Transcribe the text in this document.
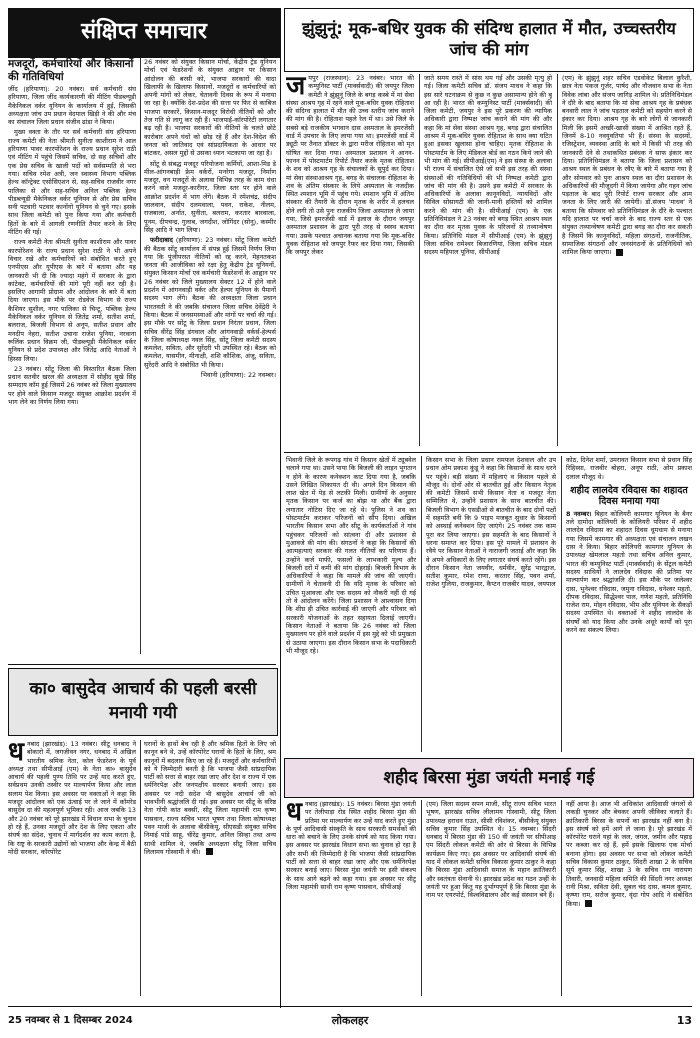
संक्षिप्त समाचार
मजदूरों, कर्मचारियों और किसानों की गतिविधियां

जींद (हरियाणा): 20 नवंबर। सर्व कर्मचारी संघ हरियाणा, जिला जींद कार्यकारणी की मीटिंग पीडब्ल्यूडी मैकेनिकल वर्कर यूनियन के कार्यालय में हुई, जिसकी अध्यक्षता जांच उप प्रधान वेदपाल खिड़ी ने की और मंच का संचालन जिला प्रधान संजीव ढांडा ने किया।

मुख्य वक्ता के तौर पर सर्व कर्मचारी संघ हरियाणा राज्य कमेटी की नेता श्रीमती सुनीता काशीराम ने आल हरियाणा पावर कारपोरेशन के राज्य प्रधान सुरेश राठी एवं मीटिंग में पहुंचे जिसमें सचिव, दो सह सचिवों और एक प्रेस सचिव के खाली पदों को सर्वसम्मति से भरा गया। सचिव रमेश अत्री, जन स्वास्थ्य विभाग पब्लिक हेल्थ कॉन्ट्रेक्ट एसोसिएशन से, सह-सचिव राजवीर नगर पालिका से और सह-सचिव अनिल पब्लिक हेल्थ पीडब्ल्यूडी मैकेनिकल वर्कर यूनियन से और प्रेस सचिव सनी पटवारी पटवार कानोंगो यूनियन से चुने गए। इसके साथ जिला कमेटी को पुनः किया गया और कर्मचारी हितों के बारे में आगली रणनीति तैयार करने के लिए मीटिंग की गई।

राज्य कमेटी नेता श्रीमती सुनीता काशीराम और पावर कारपोरेशन के राज्य प्रधान सुरेश राठी ने भी अपने विचार रखे और कर्मचारियों को संबोधित करते हुए एनपीएस और यूपीएस के बारे में बताया और यह जानकारी भी दी कि ज्यादा महंगे में सरकार के द्वारा कांटेक्ट, कर्मचारियों की मांगे पूरी नहीं कर रही है। इसलिए आगामी प्रोग्राम और आंदोलन के बारे में बता दिया जाएगा। इस मौके पर रोडवेज विभाग से राज्य कैशियर सुशील, नगर पालिका से चिन्टू, पब्लिक हेल्थ मैकेनिकल वर्कर यूनियन से जितेंद्र शर्मा, सतीश शर्मा, बलराज, बिजली विभाग से अनूप, सतीश प्रधान और मनदीप नेहरा, सतीश उचाना राजेश पुनिया, नरवाना रूलिंक प्रधान विक्रम जी, पीडब्ल्यूडी मैकेनिकल वर्कर यूनियन से प्रदेश उपाध्यक्ष और जितेंद्र आदि नेताओं ने हिस्सा लिया।

23 नवंबर। सोंटू जिला की विस्तारित बैठक जिला प्रधान सतवीर खरल की अध्यक्षता में सोहीद सुखे सिंह सम्मदाय कॉम हुई जिसमें 26 नवंबर को जिला मुख्यालय पर होने वाले किसान मजदूर संयुक्त आक्रोश प्रदर्शन में भाग लेने का निर्णय लिया गया।

26 नवंबर को संयुक्त किसान मोर्चा, केंद्रीय ट्रेड यूनियन मोर्चा एवं फेडरेशनों के संयुक्त आह्वान पर किसान आंदोलन की बरसी को, भाजपा सरकारों की वादा खिलाफी के खिलाफ किसानों, मजदूरों व कर्मचारियों को अपनी मांगों को लेकर, चेतावनी दिवस के रूप में मनाया जा रहा है। क्योंकि देश-प्रदेश की सत्ता पर फिर से काबिज भाजपा सरकारें, किसान-मजदूर विरोधी नीतियों को और तेज गति से लागू कर रही हैं। भाजपाई-कॉरपोरेटी लगातार बढ़ रही है। भाजपा सरकारों की नीतियों के चलते छोटे कारोबार अपने घंधों को छोड़ रहे हैं और देश-विदेश की जनता को जातिवाद एवं सांप्रदायिकता के आधार पर बांटकर, असल मुद्दों से उसका ध्यान भटकाया जा रहा है।

सोंटू से संबद्ध मजदूर परियोजना कर्मियों, आशा-मिड डे मील-आंगनबाड़ी फ्रेम वर्करों, मनरेगा मजदूर, निर्माण मजदूर, वन मजदूरों के अलावा विभिन्न तरह के काम धंधा करने वाले मजदूर-कारीगर, जिला स्तर पर होने वाले आक्रोश प्रदर्शन में भाग लेंगे। बैठक में रमेशचंद्र, संदीप जालवान, संदीप दलमवाला, पवन, राकेश, नीलम, राजबाला, अर्नात, सुनीता, बलराम, करतार बारवाला, पूनम, दीपचन्द्र, गुलाब, जगदीश, जोगिंदर (सोनू), कस्मीर सिंह आदि ने भाग लिया।

फरीदाबाद (हरियाणा): 23 नवंबर। सोंटू जिला कमेटी की बैठक सोंटू कार्यालय में संपन्न हुई जिसमें निर्णय लिया गया कि पूंजीपरस्त नीतियों को रद्द करने, मेहनतकश जनता की आजीविका को रक्षा हेतु केंद्रीय ट्रेड यूनियनों, संयुक्त किसान मोर्चा एवं कर्मचारी फेडरेशनों के आह्वान पर 26 नवंबर को जिले मुख्यालय सेक्टर 12 में होने वाले प्रदर्शन में आंगनवाड़ी वर्कर और हेल्पर यूनियन के पैमानों सदस्य भाग लेंगे। बैठक की अध्यक्षता जिला प्रधान भारतवती ने की जबकि संचालन जिला सचिव देवेंद्रेरी ने किया। बैठक में जनसमस्याओं और मांगों पर चर्चा की गई। इस मौके पर सोंटू के जिला प्रधान निरंतर प्रधान, जिला सचिव वीरेंद्र सिंह डंगवाल और आंगनवाड़ी वर्कर्स-हेल्पर्स के जिला कोषाध्यक्ष नवल सिंह, सोंटू जिला कमेटी सदस्य कमलेश, सविता, और सुरेंदरी भी उपस्थित रहे। बैठक को कमलेश, यासमीन, मीनाक्षी, शशि कौशिक, अंजू, सविता, सुरेंदरी आदि ने संबोधित भी किया।

भिवानी (हरियाणा): 22 नवम्बर।

झुंझुनूं: मूक-बधिर युवक की संदिग्ध हालात में मौत, उच्चस्तरीय जांच की मांग
ज यपुर (राजस्थान): 23 नवंबर। भारत की कम्युनिस्ट पार्टी (मार्क्सवादी) की जयपुर जिला कमेटी ने झुंझुनूं जिले के बगड़ कस्बे में मां सेवा संस्था आश्रय गृह में रहने वाले मूक-बधिर युवक रोहिताश की संदिग्ध हालात में मौत की उच्च स्तरीय जांच कराने की मांग की है। रोहिताश पहले रेल में था। उसे जिले के सबसे बड़े राजकीय भगवान दास अस्पताल के इमरजेंसी वार्ड में उपचार के लिए लाया गया था। इमरजेंसी वार्ड में ड्यूटी पर तैनात डॉक्टर के द्वारा मरीज रोहिताश को मृत घोषित कर दिया गया। अस्पताल प्रशासन ने आनन-फानन में पोस्टमार्टम रिपोर्ट तैयार करके मृतक रोहिताश के शव को आश्रय गृह के संचालकों के सुपुर्द कर दिया। मां सेवा संस्थाआश्रय गृह, बगड़ के संचालक रोहिताश के शव के अंतिम संस्कार के लिये अस्पताल के नजदीक स्थित श्मशान भूमि में पहुंच गये। श्मशान भूमि में अंतिम संस्कार की तैयारी के दौरान मृतक के शरीर में हलचल होने लगी तो उसे पुनः राजकीय जिला अस्पताल ले जाया गया, जिसे इमरजेंसी वार्ड में इलाज के दौरान जयपुर अस्पताल प्रशासन के द्वारा पूरी तरह से स्वस्थ बताया गया। उसके पश्चात अचानक बताया गया कि मूक-बधिर युवक रोहिताश को जयपुर रैफर कर दिया गया, जिसकी कि जयपुर लेकर
जाते समय रास्ते में सांस थम गई और उसकी मृत्यु हो गई। जिला कमेटी सचिव डॉ. संजय माधव ने कहा कि इस सारे घटनाक्रम से कुछ न कुछ असामान्य होने की बू आ रही है। भारत की कम्युनिस्ट पार्टी (मार्क्सवादी) की जिला कमेटी, जयपुर ने इस पूरे प्रकरण की न्यायिक अधिकारी द्वारा निष्पक्ष जांच कराने की मांग की और कहा कि मां सेवा संस्था आश्रय गृह, बगड़ द्वारा संचालित आश्रम में मूक-बधिर युवक रोहिताश के साथ क्या घटित हुआ इसका खुलासा होना चाहिए। मृतक रोहिताश के पोस्टमार्टम के लिए मेडिकल बोर्ड का गठन किये जाने की भी मांग की गई। सीपीआई(एम) ने इस संस्था के अलावा भी राज्य में संचालित ऐसे जो सभी इस तरह की संस्था संस्थाओं की गतिविधियों की भी निष्पक्ष कमेटी द्वारा जांच की मांग की है। उसने इस कमेटी में सरकार के अधिकारियों के अलावा कानूनविदों, न्यायविदों और सिविल सोसायटी की जानी-मानी हस्तियों को शामिल करने की मांग की है। सीपीआई (एम) के एक प्रतिनिधिमंडल ने 23 नवंबर को बगड़ स्थित आश्रय स्थल का दौरा कर मृतक युवक के परिजनों से तथ्यान्वेषण किया। प्रतिनिधि मंडल में सीपीआई (एम) के झुंझुनूं जिला सचिव रामेश्वर बिजारणियां, जिला सचिव मंडल सदस्य महिपाल पूनिया, सीपीआई
(एम) के झुंझुनूं शहर सचिव एडवोकेट बिलाल कुरैशी, छात्र नेता पंकज गुर्जर, पार्षद और नौजवान सभा के नेता विवेक लांबा और संजय जागिड़ शामिल थे। प्रतिनिधिमंडल ने दौरे के बाद बताया कि मां सेवा आश्रय गृह के प्रबंधक बनवारी लाल ने जांच पड़ताल कमेटी को सहयोग करने से इंकार कर दिया। आश्रय गृह के बारे लोगों से जानकारी मिली कि इसमें अच्छी-खासी संख्या में आश्रित रहते हैं, जिनमें 8-10 नवयुवतियां भी हैं। संस्था के सदस्यों, रजिस्ट्रेशन, व्यवस्था आदि के बारे में किसी भी तरह की जानकारी देने से तथाकथित प्रबंधक ने साफ इंकार कर दिया। प्रतिनिधिमंडल ने बताया कि जिला प्रशासन को आश्रय स्थल के प्रबंधन के रवैए के बारे में बताया गया है और सोमवार को पुनः आश्रय स्थल का दौरा प्रशासन के अधिकारियों की मौजूदगी में किया जायेगा और गहन जांच पड़ताल के बाद पूरी रिपोर्ट राज्य सरकार और आम जनता के लिए जारी की जायेगी। डॉ.संजय 'माधव' ने बताया कि सोमवार को प्रतिनिधिमंडल के दौरे के पश्चात यदि हालात पर चर्चा करने के बाद राज्य स्तर से एक संयुक्त तथ्यान्वेषण कमेटी द्वारा बगड़ का दौरा कर सकती है जिसमें कि कानूनविदों, महिला संगठनों, राजनीतिक, सामाजिक संगठनों और जनसंगठनों के प्रतिनिधियों को शामिल किया जाएगा।
भिवानी जिले के रूपगढ़ गांव में किसान खेतों में ट्यूबवेल चलाने गया था। उसने पाया कि बिजली की लाइन भुगतान न होने के कारण कनेक्शन काट दिया गया है, जबकि उसने लिखित शिकायत दी थी। अगले दिन किसान की लाश खेत में पेड़ से लटकी मिली। ग्रामीणों के अनुसार मृतक किसान पर कर्ज का बोझ था और बैंक द्वारा लगातार नोटिस दिए जा रहे थे। पुलिस ने शव का पोस्टमार्टम कराकर परिजनों को सौंप दिया। अखिल भारतीय किसान सभा और सीटू के कार्यकर्ताओं ने गांव पहुंचकर परिजनों को सांत्वना दी और प्रशासन से मुआवजे की मांग की। संगठनों ने कहा कि किसानों की आत्महत्याएं सरकार की गलत नीतियों का परिणाम हैं। उन्होंने कर्ज माफी, फसलों के लाभकारी मूल्य और बिजली दरों में कमी की मांग दोहराई। बिजली विभाग के अधिकारियों ने कहा कि मामले की जांच की जाएगी। ग्रामीणों ने चेतावनी दी कि यदि मृतक के परिवार को उचित मुआवजा और एक सदस्य को नौकरी नहीं दी गई तो वे आंदोलन करेंगे। जिला प्रशासन ने आश्वासन दिया कि शीघ्र ही उचित कार्रवाई की जाएगी और परिवार को सरकारी योजनाओं के तहत सहायता दिलाई जाएगी। किसान नेताओं ने बताया कि 26 नवंबर को जिला मुख्यालय पर होने वाले प्रदर्शन में इस मुद्दे को भी प्रमुखता से उठाया जाएगा। इस दौरान किसान सभा के पदाधिकारी भी मौजूद रहे।
किसान सभा के जिला प्रधान रामफल देशवाल और उप प्रधान ओम प्रकाश कुंडू ने कहा कि किसानों के साथ धरने पर पहुंचे। बड़ी संख्या में महिलाएं व किसान पहले से मौजूद थे। दोनों ओर से बातचीत हुई और किसान नेतृत्व की कमेटी जिसमें सभी किसान नेता व मजदूर नेता सम्मिलित थे, उन्होंने प्रशासन के साथ बातचीत की। बिजली विभाग के एसडीओ से बातचीत के बाद दोनों पक्षों में सहमति बनी कि 9 पाइप मजबूत सुधार के किसानों को अस्थाई कनेक्शन दिए जाएंगे। 25 नवंबर तक काम पूरा कर लिया जाएगा। इस सहमति के बाद किसानों ने धरना समाप्त कर दिया। इस पूरे मामले में प्रशासन के रवैये पर किसान नेताओं ने नाराजगी जताई और कहा कि वे अपने अधिकारों के लिए लगातार संघर्ष करते रहेंगे। इस दौरान किसान नेता जयवीर, धर्मवीर, सुरेंद्र भारद्वाज, सतीश कुमार, रमेश राणा, करतार सिंह, पवन शर्मा, राजेश गुलिया, राजकुमार, कैप्टन राजबीर यादव, जयपाल
कोठ, दिनेश शर्मा, उमरावत किसान सभा से प्रधान सिंह रिहिस्सा, राजवीर बोहरा, अनूप राठी, ओम प्रकाश दलाल मौजूद थे।
शहीद लालदेव रविदास का शहादत दिवस मनाया गया
8 नवम्बर। बिहार कोलियरी कामगार यूनियन के बैनर तले दामोदा कोलियरी के कोलियरी परिसर में शहीद लालदेव रविदास का शहादत दिवस धूमधाम से मनाया गया जिसमें कामगार की अध्यक्षता एवं संचालन लखन दास ने किया। बिहार कोलियरी कामगार यूनियन के उपाध्यक्ष खेमलाल महतो तथा सचिव अनिल कुमार, भारत की कम्युनिस्ट पार्टी (मार्क्सवादी) के सेंट्रल कमेटी सदस्य साथियों ने लालदेव रविदास की प्रतिमा पर माल्यार्पण कर श्रद्धांजलि दी। इस मौके पर जलेश्वर दास, भुनेश्वर रविदास, जमुना रविदास, धनेश्वर महतो, दीपक रविदास, सिद्धेश्वर पाल, गणेश महतो, प्रतिनिधि राजेश राम, मोहन रविदास, भीम और यूनियन के सैकड़ों सदस्य उपस्थित थे। वक्ताओं ने शहीद लालदेव के संघर्षों को याद किया और उनके अधूरे कार्यों को पूरा करने का संकल्प लिया।
का० बासुदेव आचार्य की पहली बरसी मनायी गयी
ध नबाद (झारखंड): 13 नवंबर। सीटू धनबाद ने बोकारो में, जगजीवन नगर, धनबाद में अखिल भारतीय श्रमिक नेता, कोल फेडरेशन के पूर्व अध्यक्ष तथा सीपीआई (एम) के नेता का० बासुदेव आचार्य की पहली पुण्य तिथि पर उन्हें याद करते हुए, सर्वप्रथम उनकी तस्वीर पर माल्यार्पण किया और लाल सलाम पेश किया। इस अवसर पर वक्ताओं ने कहा कि मजदूर आंदोलन को एक ऊंचाई पर ले जाने में कॉमरेड बासुदेव दा की महत्वपूर्ण भूमिका रही। आज जबकि 13 और 20 नवंबर को पूरे झारखंड में विधान सभा के चुनाव हो रहे हैं, उनका मजदूरों और देश के लिए एकता और संघर्ष का संदेश, चुनाव में मार्गदर्शन का काम करता है, कि राष्ट्र के सरकारी उद्योगों को भाजपा और केन्द्र में बैठी मोदी सरकार, कॉरपोरेट
घरानों के हाथों बेच रही है और श्रमिक हितों के लिए जो कानून बने थे, उन्हें कॉरपोरेट घरानों के हितों के लिए, श्रम कानूनों में बदलाव किए जा रहे हैं। मजदूरों और कर्मचारियों को ये जिम्मेदारी बनती है कि भाजपा जैसी सांप्रदायिक पार्टी को सत्ता से बाहर रखा जाए और देश व राज्य में एक धर्मनिरपेक्ष और जनपक्षीय सरकार बनायी जाए। इस अवसर पर नदी सदेश भी बासुदेव आचार्य जी को भावभीनी श्रद्धांजलि दी गई। इस अवसर पर सीटू के वरिष्ठ नेता गोपी कांत बक्सी, सीटू जिला महामंत्री राम कृष्ण पासवान, राज्य सचिव भारत भूषण तथा जिला कोषाध्यक्ष पवन माजी के अलावा बीसीकेयू, सीएसडी संयुक्त सचिव निमाई पांडे साहू, चीरेंद्र कुमार, अनिल सिन्हा तथा अन्य साथी शामिल थे, जबकि अध्यक्षता सीटू जिला सचिव लिलामय गोस्वामी ने की।
शहीद बिरसा मुंडा जयंती मनाई गई
ध नबाद (झारखंड): 15 नवंबर। बिरसा मुंडा जयंती पर तेलीपाड़ा रोड स्थित शहीद बिरसा मुंडा की प्रतिमा पर माल्यार्पण कर उन्हें याद करते हुए मुंडा के पूर्ण आदिवासी संस्कृति के साथ सरकारी समर्थकों की धारा को बचाने के लिए उनके संघर्ष को याद किया गया। इस अवसर पर झारखंड विधान सभा का चुनाव हो रहा है और सभी की जिम्मेदारी है कि भाजपा जैसी सांप्रदायिक पार्टी को सत्ता से बाहर रखा जाए और एक धर्मनिरपेक्ष सरकार बनाई जाए। बिरसा मुंडा जयंती पर इसी संकल्प के साथ आगे बढ़ने को कहा गया। इस अवसर पर सीटू जिला महामंत्री साथी राम कृष्ण पासवान, सीपीआई
(एम) जिला सदस्य सपन माजी, सीटू राज्य सचिव भारत भूषण, झारखंड सचिव लीलामय गोस्वामी, सीटू जिला उपाध्यक्ष हराधन राउत, सीसी रविशंकर, बीसीकेयू संयुक्त सचिव कुमार सिंह उपस्थित थे। 15 नवम्बर। सिंदरी धनबाद में बिरसा मुंडा की 150 वीं जयंती पर सीपीआइ एम सिंदरी लोकल कमेटी की ओर से बिरसा के विभिन्न कार्यक्रम किए गए। इस अवसर पर आदिवासी संघर्ष की याद में लोकल कमेटी सचिव विकास कुमार ठाकुर ने कहा कि बिरसा मुंडा आदिवासी समाज के महान क्रांतिकारी और स्वतंत्रता सेनानी थे। झारखंड प्रदेश का गठन उन्हीं के जयंती पर हुआ किंतु यह दुर्भाग्यपूर्ण है कि बिरसा मुंडा के नाम पर एयरपोर्ट, विश्वविद्यालय और कई संस्थान बने हैं।
नहीं आया है। आज भी अधिकांश आदिवासी जंगलों से लकड़ी चुनकर और बेचकर अपनी जीविका चलाते हैं। क्रांतिकारी बिरसा के सपनों का झारखंड नहीं बना है। इस संघर्ष को हमें आगे ले जाना है। पूरे झारखंड में कॉरपोरेट घराने यहां के जल, जंगल, जमीन और पहाड़ पर कब्जा कर रहे हैं, हमें इसके खिलाफ एक मोर्चा बनाना होगा। इस अवसर पर सभा को लोकल कमेटी सचिव विकास कुमार ठाकुर, सिंदरी शाखा 2 के सचिव सूर्य कुमार सिंह, शाखा 3 के सचिव राम नारायण तिवारी, जनवादी महिला समिति की सिंदरी नगर अध्यक्ष रानी मिश्रा, सविता देवी, सुबल चंद दास, कमल कुमार, कृष्णा राम, सरोज कुमार, वृंदा गोप आदि ने संबोधित किया।
25 नवम्बर से 1 दिसम्बर 2024	लोकलहर	13
